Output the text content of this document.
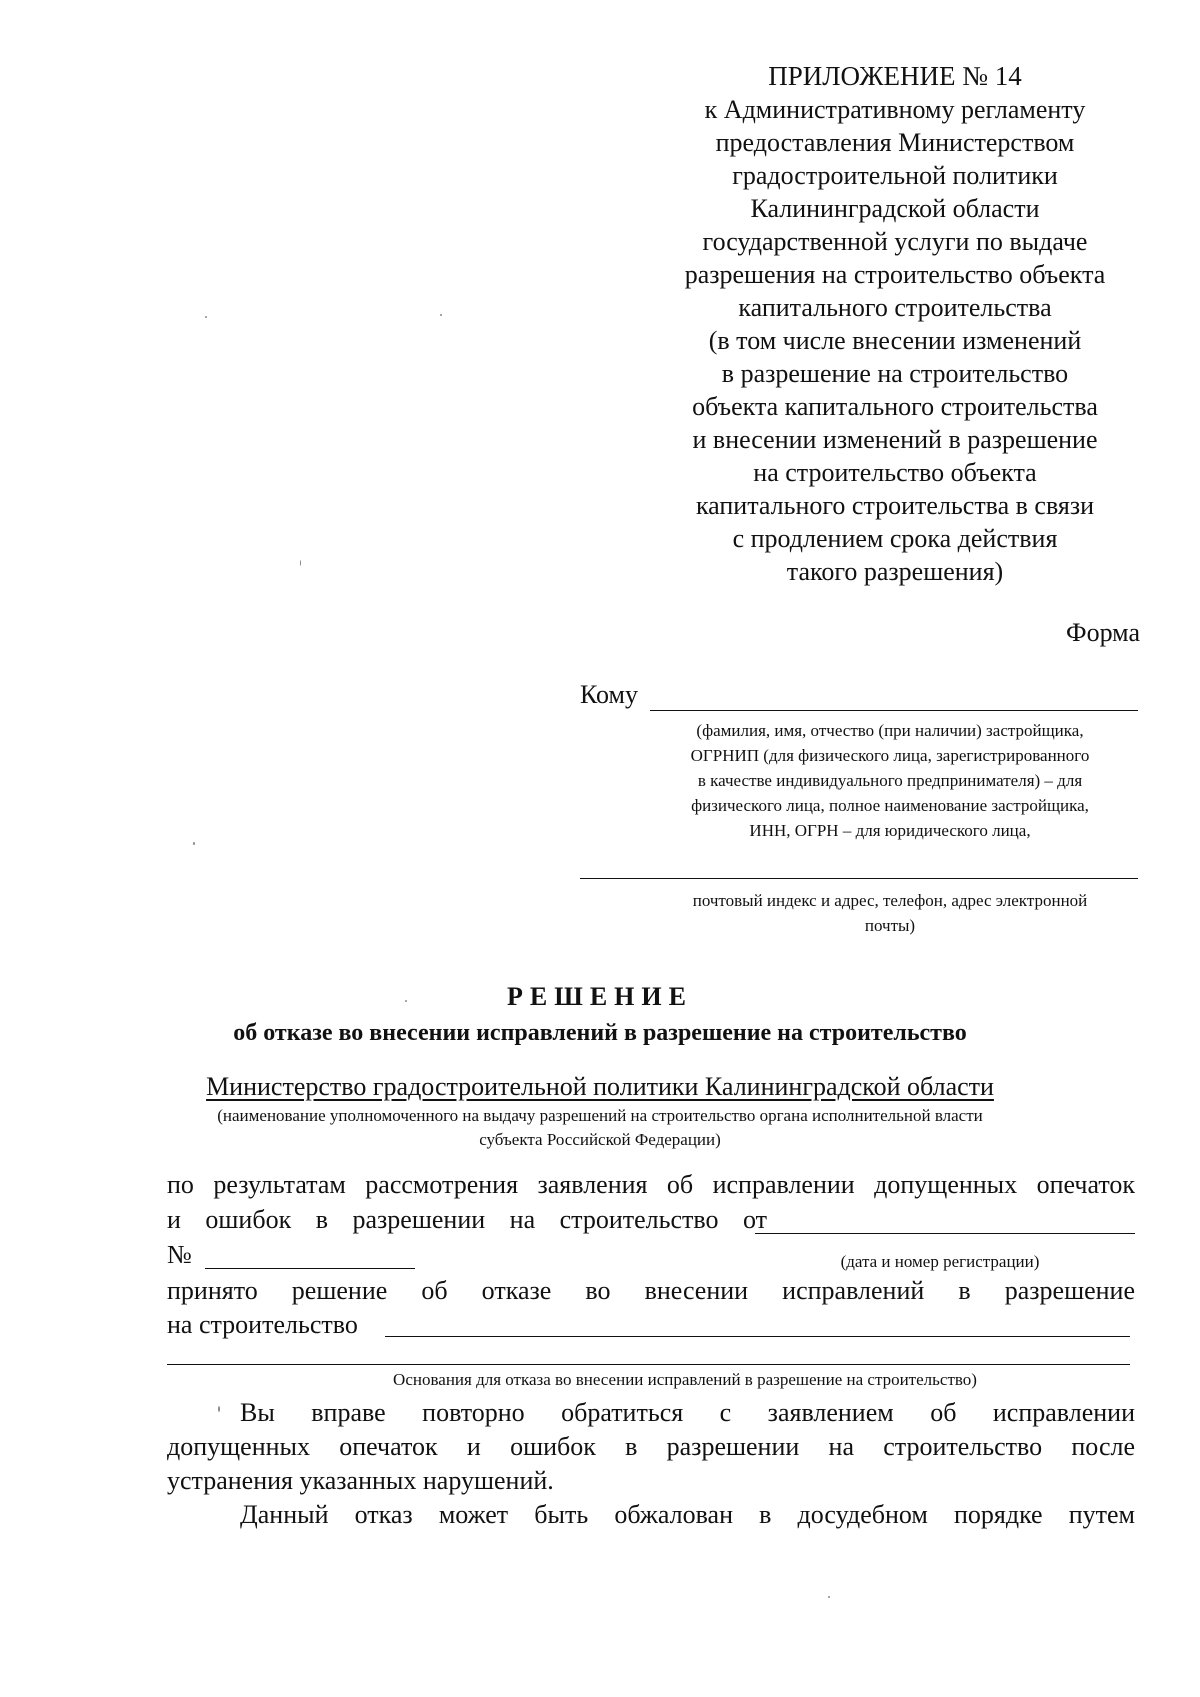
ПРИЛОЖЕНИЕ № 14
к Административному регламенту
предоставления Министерством
градостроительной политики
Калининградской области
государственной услуги по выдаче
разрешения на строительство объекта
капитального строительства
(в том числе внесении изменений
в разрешение на строительство
объекта капитального строительства
и внесении изменений в разрешение
на строительство объекта
капитального строительства в связи
с продлением срока действия
такого разрешения)
Форма
Кому
(фамилия, имя, отчество (при наличии) застройщика,
ОГРНИП (для физического лица, зарегистрированного
в качестве индивидуального предпринимателя) – для
физического лица, полное наименование застройщика,
ИНН, ОГРН – для юридического лица,
почтовый индекс и адрес, телефон, адрес электронной
почты)
РЕШЕНИЕ
об отказе во внесении исправлений в разрешение на строительство
Министерство градостроительной политики Калининградской области
(наименование уполномоченного на выдачу разрешений на строительство органа исполнительной власти
субъекта Российской Федерации)
по результатам рассмотрения заявления об исправлении допущенных опечаток
и ошибок в разрешении на строительство от
№	(дата и номер регистрации)
принято решение об отказе во внесении исправлений в разрешение
на строительство
Основания для отказа во внесении исправлений в разрешение на строительство)
Вы вправе повторно обратиться с заявлением об исправлении
допущенных опечаток и ошибок в разрешении на строительство после
устранения указанных нарушений.
Данный отказ может быть обжалован в досудебном порядке путем
